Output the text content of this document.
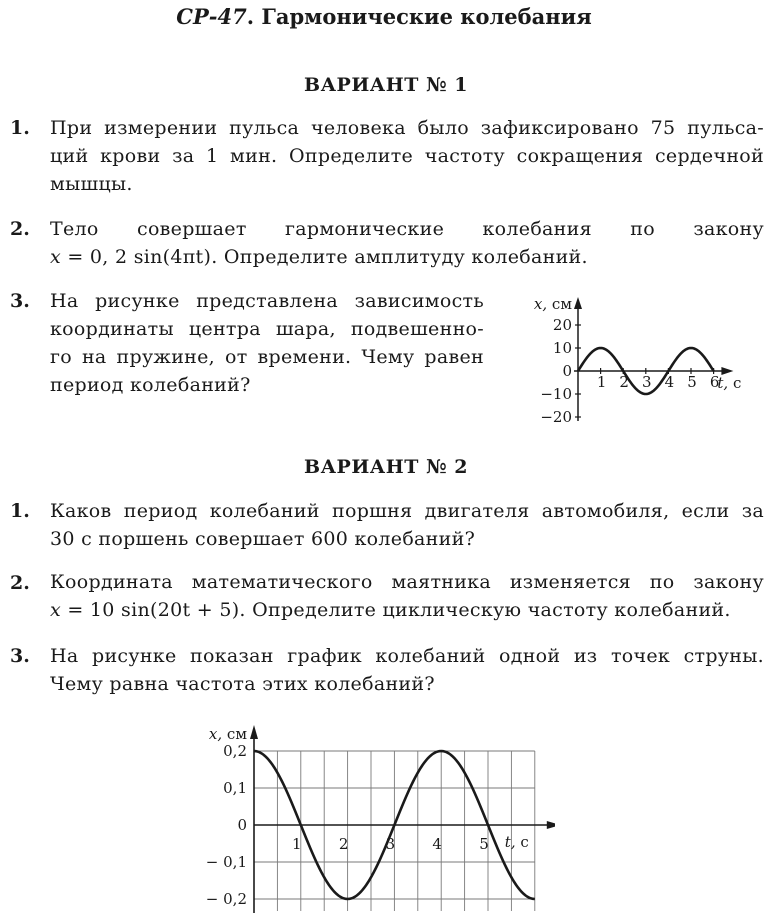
СР-47. Гармонические колебания
ВАРИАНТ № 1
1. При измерении пульса человека было зафиксировано 75 пульса-
ций крови за 1 мин. Определите частоту сокращения сердечной
мышцы.
2. Тело совершает гармонические колебания по закону
x = 0, 2 sin(4πt). Определите амплитуду колебаний.
3. На рисунке представлена зависимость
координаты центра шара, подвешенно-
го на пружине, от времени. Чему равен
период колебаний?
20
10
0
−10
−20
1 2 3 4 5 6
x, см
t, c
ВАРИАНТ № 2
1. Каков период колебаний поршня двигателя автомобиля, если за
30 с поршень совершает 600 колебаний?
2. Координата математического маятника изменяется по закону
x = 10 sin(20t + 5). Определите циклическую частоту колебаний.
3. На рисунке показан график колебаний одной из точек струны.
Чему равна частота этих колебаний?
0,2
0,1
0
− 0,1
− 0,2
1 2 3 4 5
x, см
t, c
